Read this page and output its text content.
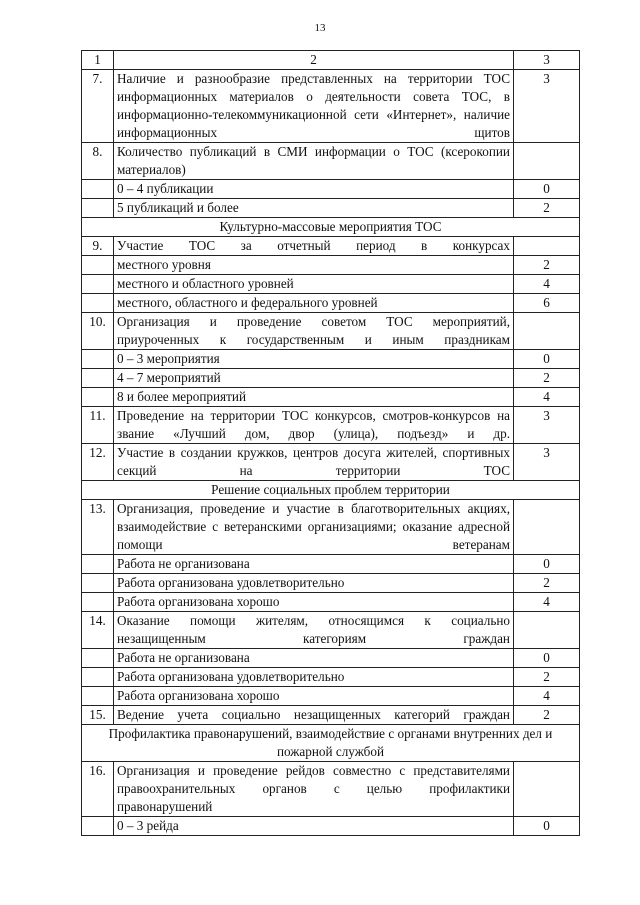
13
1	2	3
7.	Наличие и разнообразие представленных на территории ТОС информационных материалов о деятельности совета ТОС, в информационно-телекоммуникационной сети «Интернет», наличие информационных щитов	3
8.	Количество публикаций в СМИ информации о ТОС (ксерокопии материалов)	
	0 – 4 публикации	0
	5 публикаций и более	2
Культурно-массовые мероприятия ТОС		
9.	Участие ТОС за отчетный период в конкурсах	
	местного уровня	2
	местного и областного уровней	4
	местного, областного и федерального уровней	6
10.	Организация и проведение советом ТОС мероприятий, приуроченных к государственным и иным праздникам	
	0 – 3 мероприятия	0
	4 – 7 мероприятий	2
	8 и более мероприятий	4
11.	Проведение на территории ТОС конкурсов, смотров-конкурсов на звание «Лучший дом, двор (улица), подъезд» и др.	3
12.	Участие в создании кружков, центров досуга жителей, спортивных секций на территории ТОС	3
Решение социальных проблем территории		
13.	Организация, проведение и участие в благотворительных акциях, взаимодействие с ветеранскими организациями; оказание адресной помощи ветеранам	
	Работа не организована	0
	Работа организована удовлетворительно	2
	Работа организована хорошо	4
14.	Оказание помощи жителям, относящимся к социально незащищенным категориям граждан	
	Работа не организована	0
	Работа организована удовлетворительно	2
	Работа организована хорошо	4
15.	Ведение учета социально незащищенных категорий граждан	2
Профилактика правонарушений, взаимодействие с органами внутренних дел и пожарной службой		
16.	Организация и проведение рейдов совместно с представителями правоохранительных органов с целью профилактики правонарушений	
	0 – 3 рейда	0
